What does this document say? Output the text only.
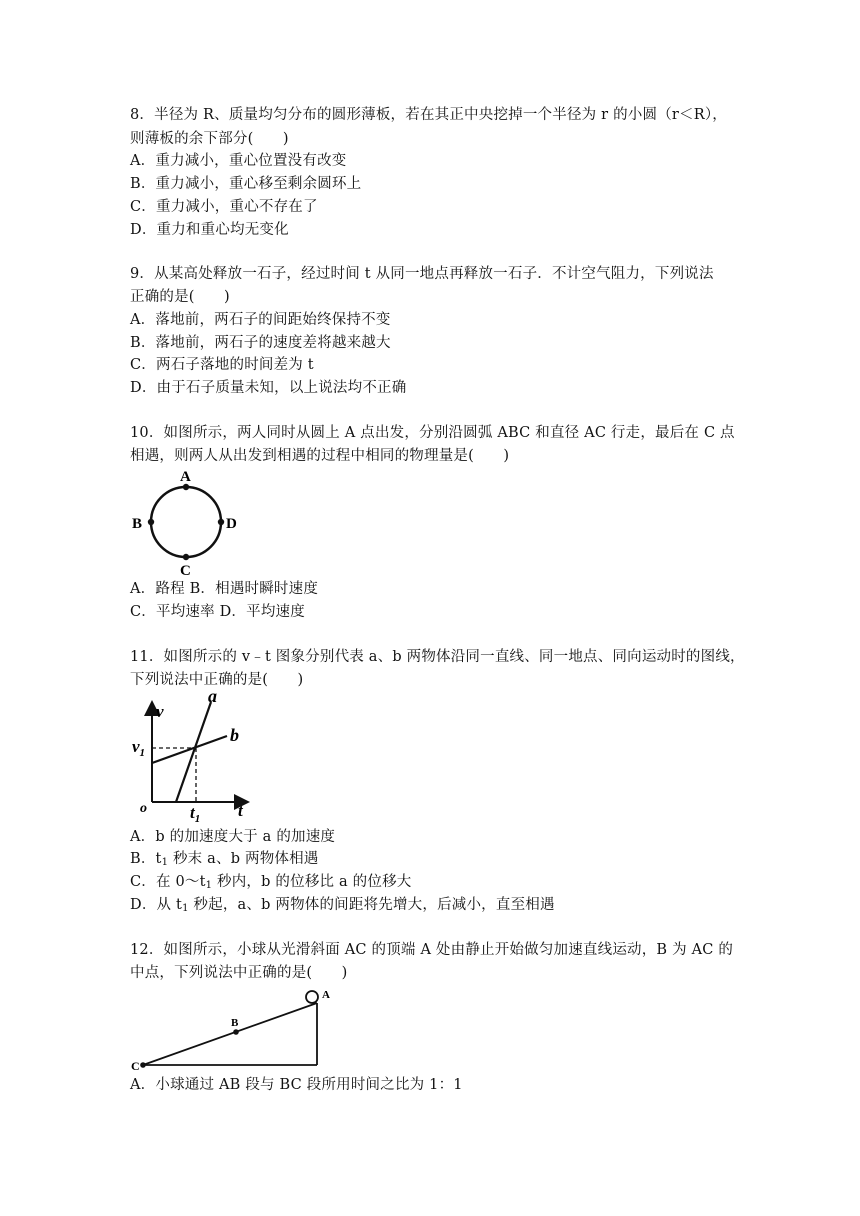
8．半径为 R、质量均匀分布的圆形薄板，若在其正中央挖掉一个半径为 r 的小圆（r＜R），
则薄板的余下部分(　　)
A．重力减小，重心位置没有改变
B．重力减小，重心移至剩余圆环上
C．重力减小，重心不存在了
D．重力和重心均无变化
9．从某高处释放一石子，经过时间 t 从同一地点再释放一石子．不计空气阻力，下列说法
正确的是(　　)
A．落地前，两石子的间距始终保持不变
B．落地前，两石子的速度差将越来越大
C．两石子落地的时间差为 t
D．由于石子质量未知，以上说法均不正确
10．如图所示，两人同时从圆上 A 点出发，分别沿圆弧 ABC 和直径 AC 行走，最后在 C 点
相遇，则两人从出发到相遇的过程中相同的物理量是(　　)
A
B	D
C
A．路程 B．相遇时瞬时速度
C．平均速率 D．平均速度
11．如图所示的 v﹣t 图象分别代表 a、b 两物体沿同一直线、同一地点、同向运动时的图线，
下列说法中正确的是(　　)
v
$v_1$
a
b
o	$t_1$ t
A．b 的加速度大于 a 的加速度
B．$t_1$ 秒末 a、b 两物体相遇
C．在 $0\sim t_1$ 秒内，b 的位移比 a 的位移大
D．从 $t_1$ 秒起，a、b 两物体的间距将先增大，后减小，直至相遇
12．如图所示，小球从光滑斜面 AC 的顶端 A 处由静止开始做匀加速直线运动，B 为 AC 的
中点，下列说法中正确的是(　　)
A
B
C
A．小球通过 AB 段与 BC 段所用时间之比为 1：1
